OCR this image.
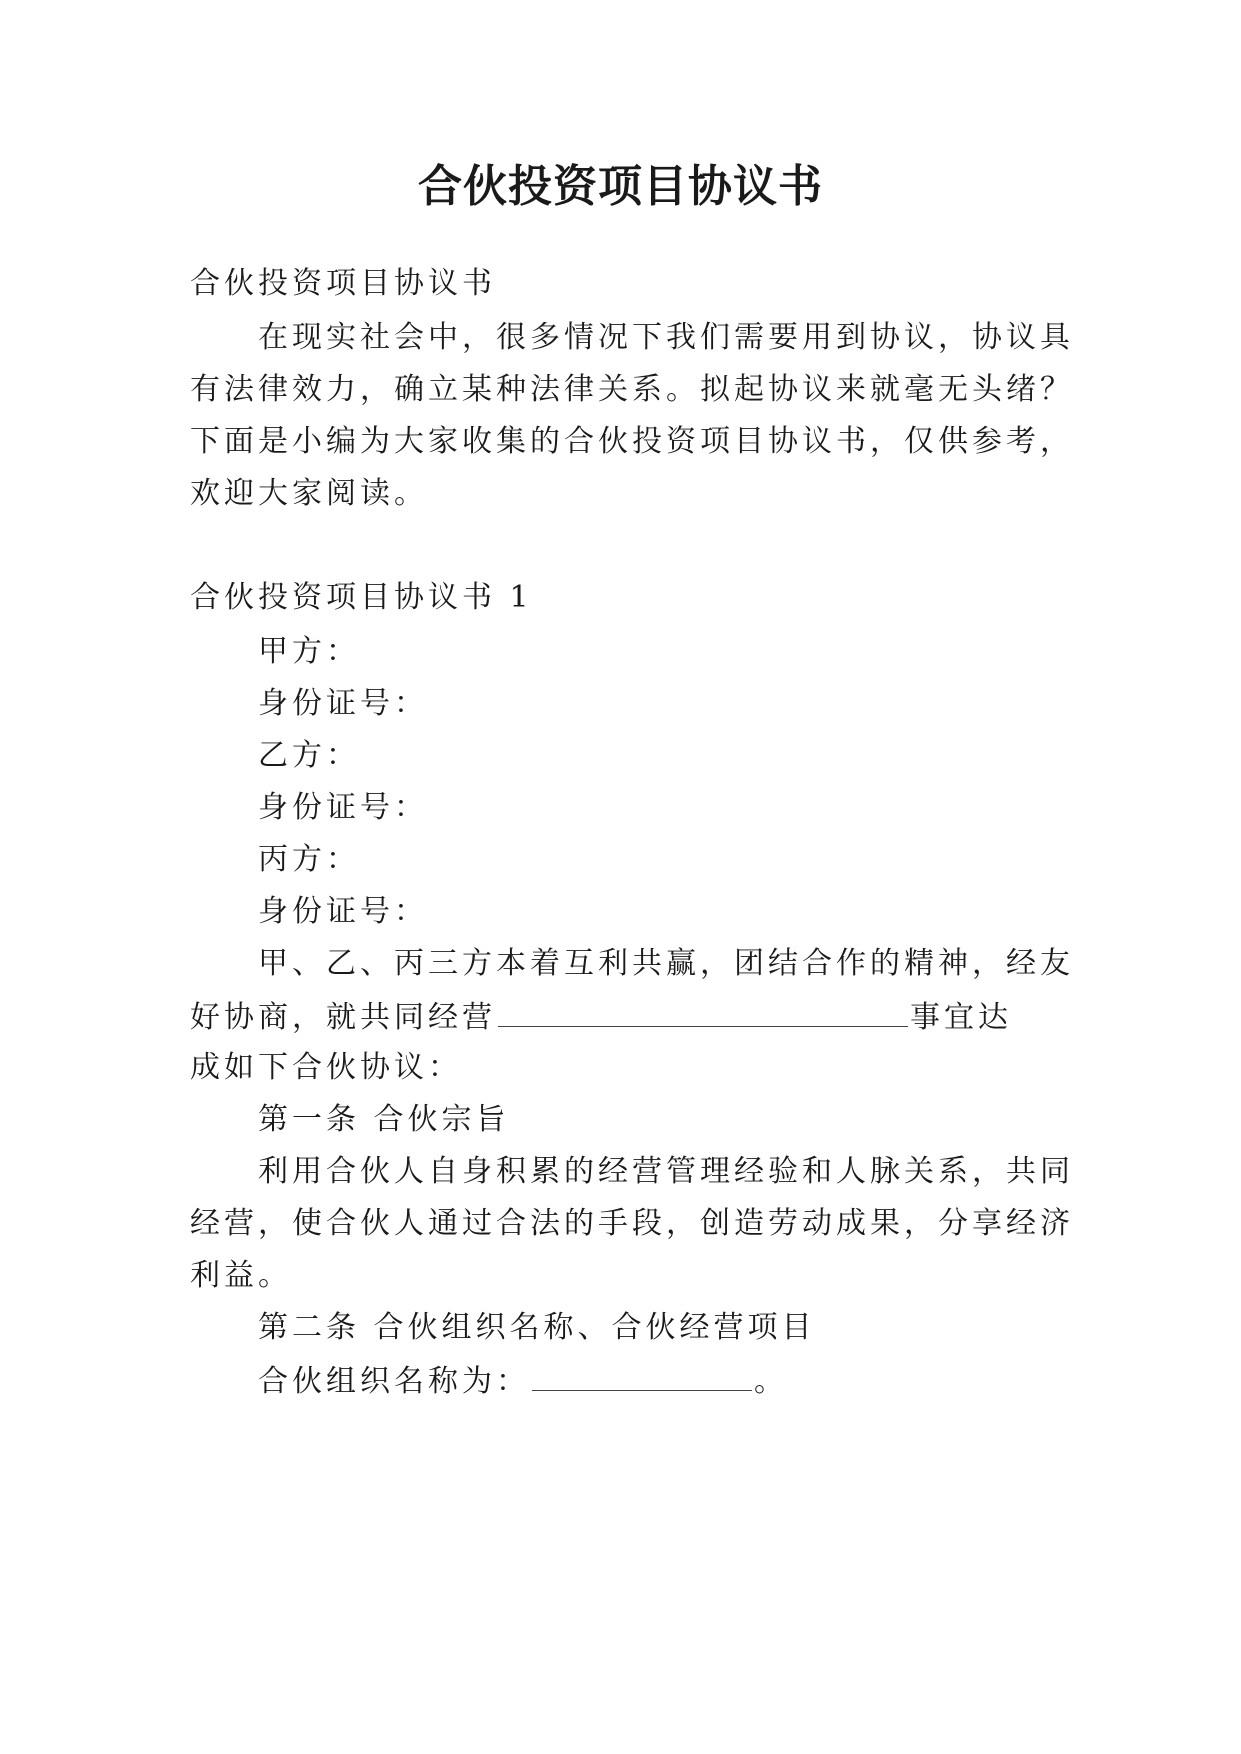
合伙投资项目协议书
合伙投资项目协议书
在现实社会中，很多情况下我们需要用到协议，协议具
有法律效力，确立某种法律关系。拟起协议来就毫无头绪？
下面是小编为大家收集的合伙投资项目协议书，仅供参考，
欢迎大家阅读。
合伙投资项目协议书 1
甲方：
身份证号：
乙方：
身份证号：
丙方：
身份证号：
甲、乙、丙三方本着互利共赢，团结合作的精神，经友
好协商，就共同经营	事宜达
成如下合伙协议：
第一条 合伙宗旨
利用合伙人自身积累的经营管理经验和人脉关系，共同
经营，使合伙人通过合法的手段，创造劳动成果，分享经济
利益。
第二条 合伙组织名称、合伙经营项目
合伙组织名称为：	。
